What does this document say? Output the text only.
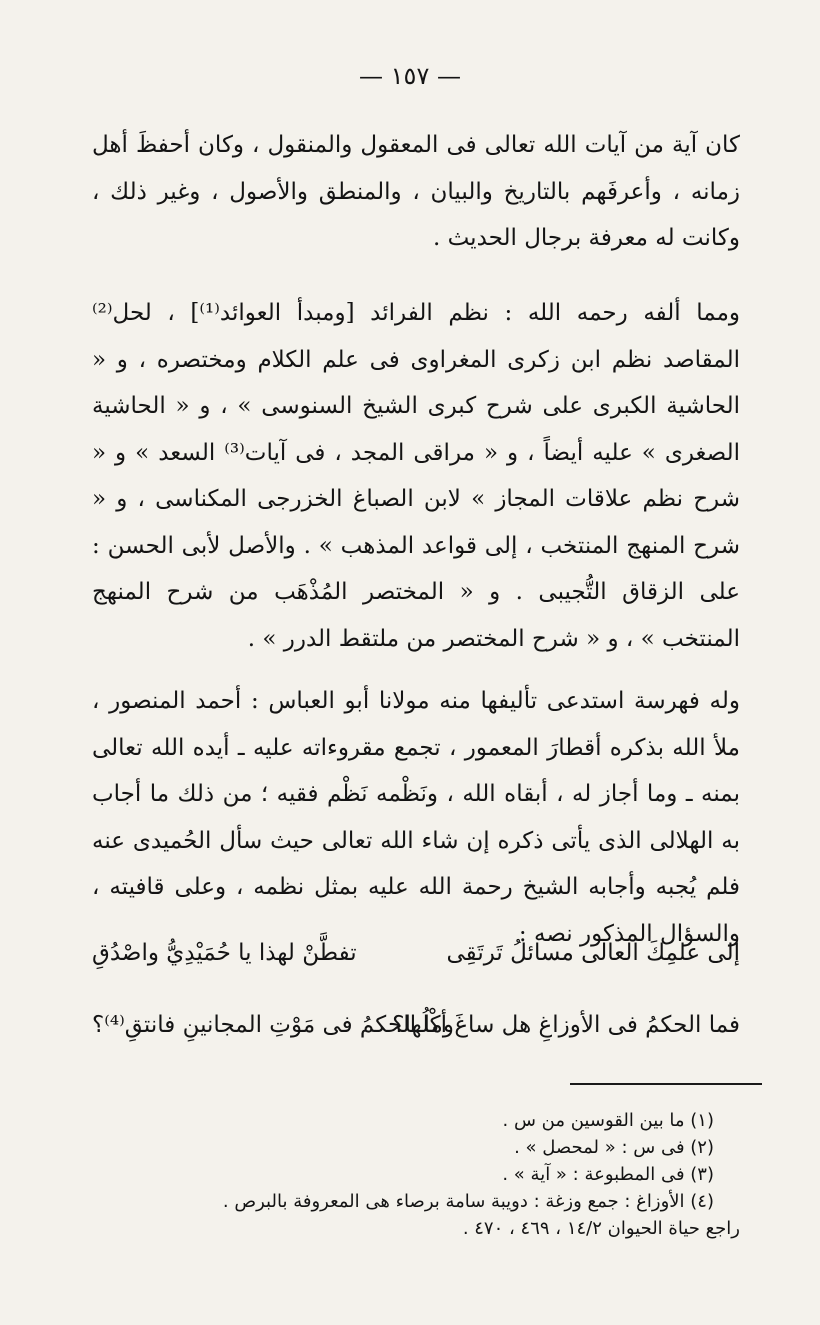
— ١٥٧ —
كان آية من آيات الله تعالى فى المعقول والمنقول ، وكان أحفظَ أهل زمانه ، وأعرفَهم بالتاريخ والبيان ، والمنطق والأصول ، وغير ذلك ، وكانت له معرفة برجال الحديث .
ومما ألفه رحمه الله : نظم الفرائد [ومبدأ العوائد⁽¹⁾] ، لحل⁽²⁾ المقاصد نظم ابن زكرى المغراوى فى علم الكلام ومختصره ، و « الحاشية الكبرى على شرح كبرى الشيخ السنوسى » ، و « الحاشية الصغرى » عليه أيضاً ، و « مراقى المجد ، فى آيات⁽³⁾ السعد » و « شرح نظم علاقات المجاز » لابن الصباغ الخزرجى المكناسى ، و « شرح المنهج المنتخب ، إلى قواعد المذهب » . والأصل لأبى الحسن : على الزقاق التُّجيبى . و « المختصر المُذْهَب من شرح المنهج المنتخب » ، و « شرح المختصر من ملتقط الدرر » .
وله فهرسة استدعى تأليفها منه مولانا أبو العباس : أحمد المنصور ، ملأ الله بذكره أقطارَ المعمور ، تجمع مقروءاته عليه ـ أيده الله تعالى بمنه ـ وما أجاز له ، أبقاه الله ، ونَظْمه نَظْم فقيه ؛ من ذلك ما أجاب به الهلالى الذى يأتى ذكره إن شاء الله تعالى حيث سأل الحُميدى عنه فلم يُجبه وأجابه الشيخ رحمة الله عليه بمثل نظمه ، وعلى قافيته ، والسؤال المذكور نصه :
إلى علمِكَ العالى مسائلُ تَرتَقِى
تفطَّنْ لهذا يا حُمَيْدِيُّ واصْدُقِ
فما الحكمُ فى الأوزاغِ هل ساغَ أكْلُها؟
وما الحكمُ فى مَوْتِ المجانينِ فانتقِ⁽⁴⁾؟
(١) ما بين القوسين من س .
(٢) فى س : « لمحصل » .
(٣) فى المطبوعة : « آية » .
(٤) الأوزاغ : جمع وزغة : دويبة سامة برصاء هى المعروفة بالبرص .
راجع حياة الحيوان ١٤/٢ ، ٤٦٩ ، ٤٧٠ .
